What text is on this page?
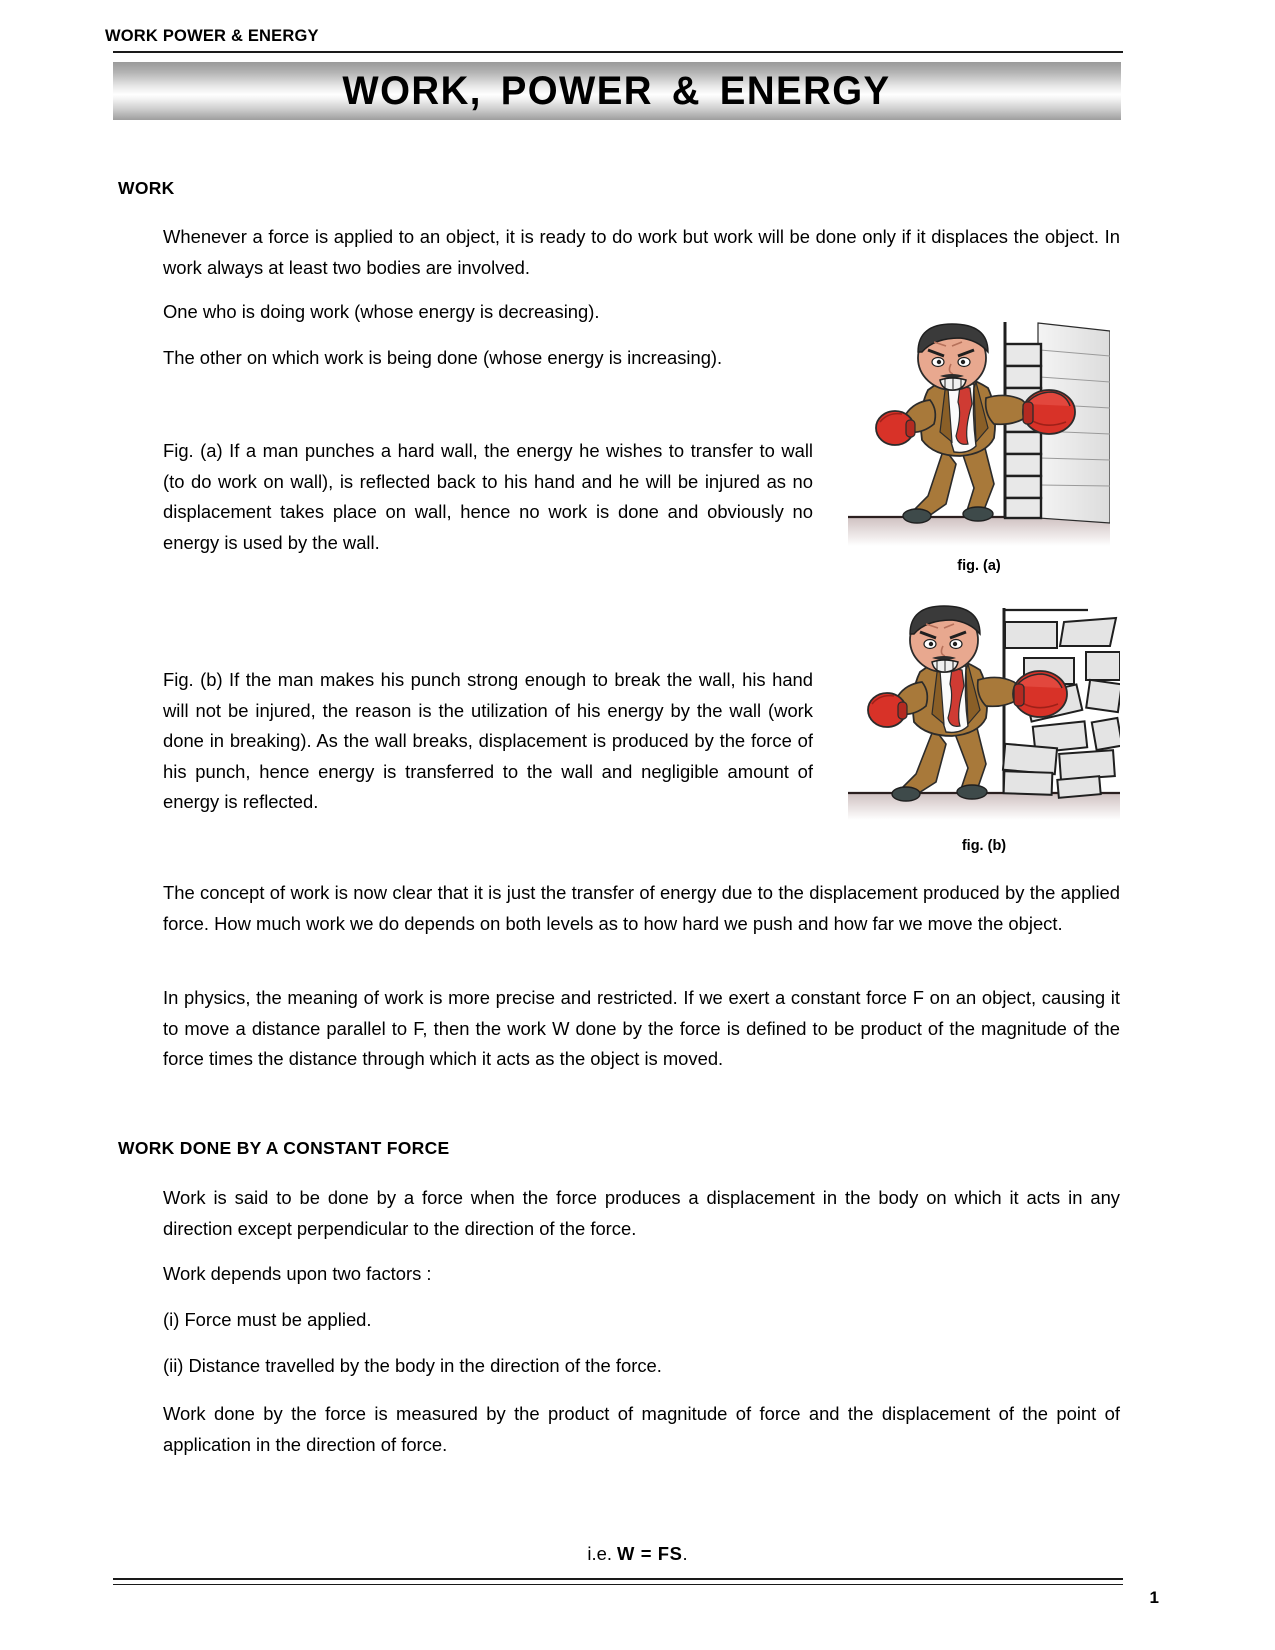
WORK POWER & ENERGY
WORK, POWER & ENERGY
WORK
Whenever a force is applied to an object, it is ready to do work but work will be done only if it displaces the object. In work always at least two bodies are involved.
One who is doing work (whose energy is decreasing).
The other on which work is being done (whose energy is increasing).
Fig. (a) If a man punches a hard wall, the energy he wishes to transfer to wall (to do work on wall), is reflected back to his hand and he will be injured as no displacement takes place on wall, hence no work is done and obviously no energy is used by the wall.
Fig. (b) If the man makes his punch strong enough to break the wall, his hand will not be injured, the reason is the utilization of his energy by the wall (work done in breaking). As the wall breaks, displacement is produced by the force of his punch, hence energy is transferred to the wall and negligible amount of energy is reflected.
The concept of work is now clear that it is just the transfer of energy due to the displacement produced by the applied force. How much work we do depends on both levels as to how hard we push and how far we move the object.
In physics, the meaning of work is more precise and restricted. If we exert a constant force F on an object, causing it to move a distance parallel to F, then the work W done by the force is defined to be product of the magnitude of the force times the distance through which it acts as the object is moved.
fig. (a)
fig. (b)
WORK DONE BY A CONSTANT FORCE
Work is said to be done by a force when the force produces a displacement in the body on which it acts in any direction except perpendicular to the direction of the force.
Work depends upon two factors :
(i) Force must be applied.
(ii) Distance travelled by the body in the direction of the force.
Work done by the force is measured by the product of magnitude of force and the displacement of the point of application in the direction of force.
i.e. W = FS.
1
